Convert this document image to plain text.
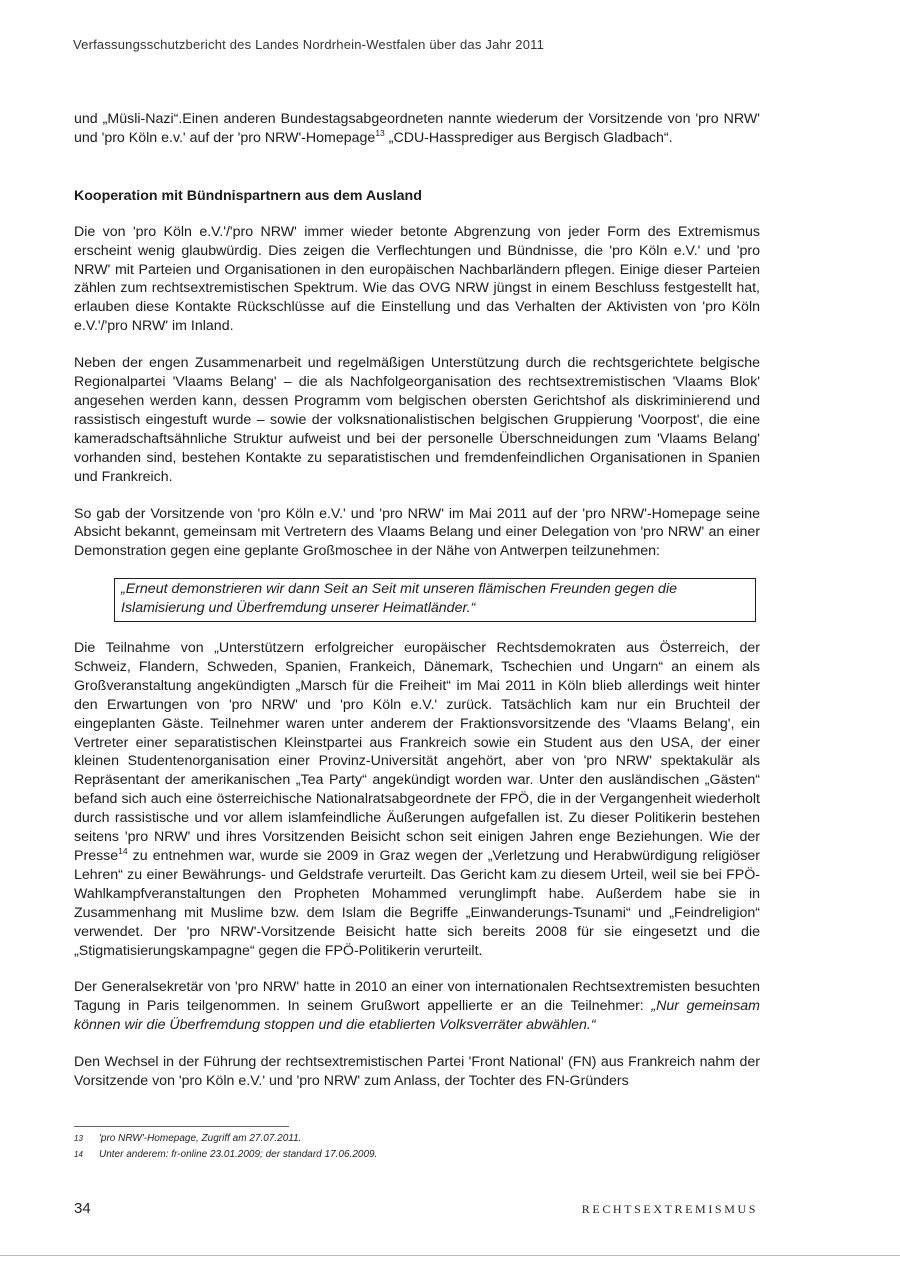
Verfassungsschutzbericht des Landes Nordrhein-Westfalen über das Jahr 2011

und „Müsli-Nazi“.Einen anderen Bundestagsabgeordneten nannte wiederum der Vorsitzende von 'pro NRW' und 'pro Köln e.v.' auf der 'pro NRW'-Homepage$^{13}$ „CDU-Hassprediger aus Bergisch Gladbach“.

Kooperation mit Bündnispartnern aus dem Ausland

Die von 'pro Köln e.V.'/'pro NRW' immer wieder betonte Abgrenzung von jeder Form des Extremismus erscheint wenig glaubwürdig. Dies zeigen die Verflechtungen und Bündnisse, die 'pro Köln e.V.' und 'pro NRW' mit Parteien und Organisationen in den europäischen Nachbarländern pflegen. Einige dieser Parteien zählen zum rechtsextremistischen Spektrum. Wie das OVG NRW jüngst in einem Beschluss festgestellt hat, erlauben diese Kontakte Rückschlüsse auf die Einstellung und das Verhalten der Aktivisten von 'pro Köln e.V.'/'pro NRW' im Inland.

Neben der engen Zusammenarbeit und regelmäßigen Unterstützung durch die rechtsgerichtete belgische Regionalpartei 'Vlaams Belang' – die als Nachfolgeorganisation des rechtsextremistischen 'Vlaams Blok' angesehen werden kann, dessen Programm vom belgischen obersten Gerichtshof als diskriminierend und rassistisch eingestuft wurde – sowie der volksnationalistischen belgischen Gruppierung 'Voorpost', die eine kameradschaftsähnliche Struktur aufweist und bei der personelle Überschneidungen zum 'Vlaams Belang' vorhanden sind, bestehen Kontakte zu separatistischen und fremdenfeindlichen Organisationen in Spanien und Frankreich.

So gab der Vorsitzende von 'pro Köln e.V.' und 'pro NRW' im Mai 2011 auf der 'pro NRW'-Homepage seine Absicht bekannt, gemeinsam mit Vertretern des Vlaams Belang und einer Delegation von 'pro NRW' an einer Demonstration gegen eine geplante Großmoschee in der Nähe von Antwerpen teilzunehmen:

„Erneut demonstrieren wir dann Seit an Seit mit unseren flämischen Freunden gegen die Islamisierung und Überfremdung unserer Heimatländer.“

Die Teilnahme von „Unterstützern erfolgreicher europäischer Rechtsdemokraten aus Österreich, der Schweiz, Flandern, Schweden, Spanien, Frankeich, Dänemark, Tschechien und Ungarn“ an einem als Großveranstaltung angekündigten „Marsch für die Freiheit“ im Mai 2011 in Köln blieb allerdings weit hinter den Erwartungen von 'pro NRW' und 'pro Köln e.V.' zurück. Tatsächlich kam nur ein Bruchteil der eingeplanten Gäste. Teilnehmer waren unter anderem der Fraktionsvorsitzende des 'Vlaams Belang', ein Vertreter einer separatistischen Kleinstpartei aus Frankreich sowie ein Student aus den USA, der einer kleinen Studentenorganisation einer Provinz-Universität angehört, aber von 'pro NRW' spektakulär als Repräsentant der amerikanischen „Tea Party“ angekündigt worden war. Unter den ausländischen „Gästen“ befand sich auch eine österreichische Nationalratsabgeordnete der FPÖ, die in der Vergangenheit wiederholt durch rassistische und vor allem islamfeindliche Äußerungen aufgefallen ist. Zu dieser Politikerin bestehen seitens 'pro NRW' und ihres Vorsitzenden Beisicht schon seit einigen Jahren enge Beziehungen. Wie der Presse$^{14}$ zu entnehmen war, wurde sie 2009 in Graz wegen der „Verletzung und Herabwürdigung religiöser Lehren“ zu einer Bewährungs- und Geldstrafe verurteilt. Das Gericht kam zu diesem Urteil, weil sie bei FPÖ-Wahlkampfveranstaltungen den Propheten Mohammed verunglimpft habe. Außerdem habe sie in Zusammenhang mit Muslime bzw. dem Islam die Begriffe „Einwanderungs-Tsunami“ und „Feindreligion“ verwendet. Der 'pro NRW'-Vorsitzende Beisicht hatte sich bereits 2008 für sie eingesetzt und die „Stigmatisierungskampagne“ gegen die FPÖ-Politikerin verurteilt.

Der Generalsekretär von 'pro NRW' hatte in 2010 an einer von internationalen Rechtsextremisten besuchten Tagung in Paris teilgenommen. In seinem Grußwort appellierte er an die Teilnehmer: „Nur gemeinsam können wir die Überfremdung stoppen und die etablierten Volksverräter abwählen.“

Den Wechsel in der Führung der rechtsextremistischen Partei 'Front National' (FN) aus Frankreich nahm der Vorsitzende von 'pro Köln e.V.' und 'pro NRW' zum Anlass, der Tochter des FN-Gründers

13	'pro NRW'-Homepage, Zugriff am 27.07.2011.
14	Unter anderem: fr-online 23.01.2009; der standard 17.06.2009.
34	RECHTSEXTREMISMUS
